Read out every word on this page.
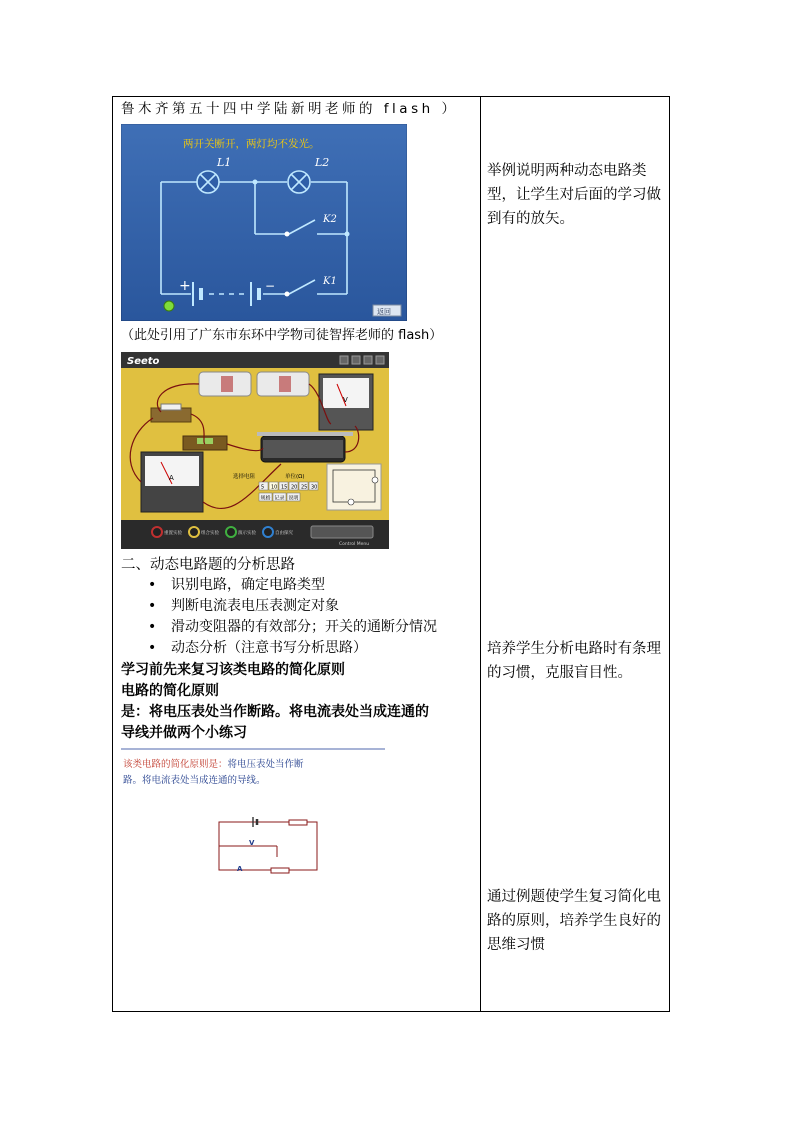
鲁木齐第五十四中学陆新明老师的 flash ）
两开关断开，两灯均不发光。
+	−
L1	L2
K2
K1
返回
（此处引用了广东市东环中学物司徒智挥老师的 flash）
Seeto
V
A	选择电阻	单位(Ω)
5 10 15 20 25 30
规格 记录 说明
重置实验	组合实验	演示实验	自由探究
Control Menu
二、动态电路题的分析思路
• 识别电路，确定电路类型
• 判断电流表电压表测定对象
• 滑动变阻器的有效部分；开关的通断分情况
• 动态分析（注意书写分析思路）
学习前先来复习该类电路的简化原则
电路的简化原则
是：将电压表处当作断路。将电流表处当成连通的
导线并做两个小练习
该类电路的简化原则是：将电压表处当作断
路。将电流表处当成连通的导线。
V
A
举例说明两种动态电路类型，让学生对后面的学习做到有的放矢。
培养学生分析电路时有条理的习惯，克服盲目性。
通过例题使学生复习简化电路的原则，培养学生良好的思维习惯
